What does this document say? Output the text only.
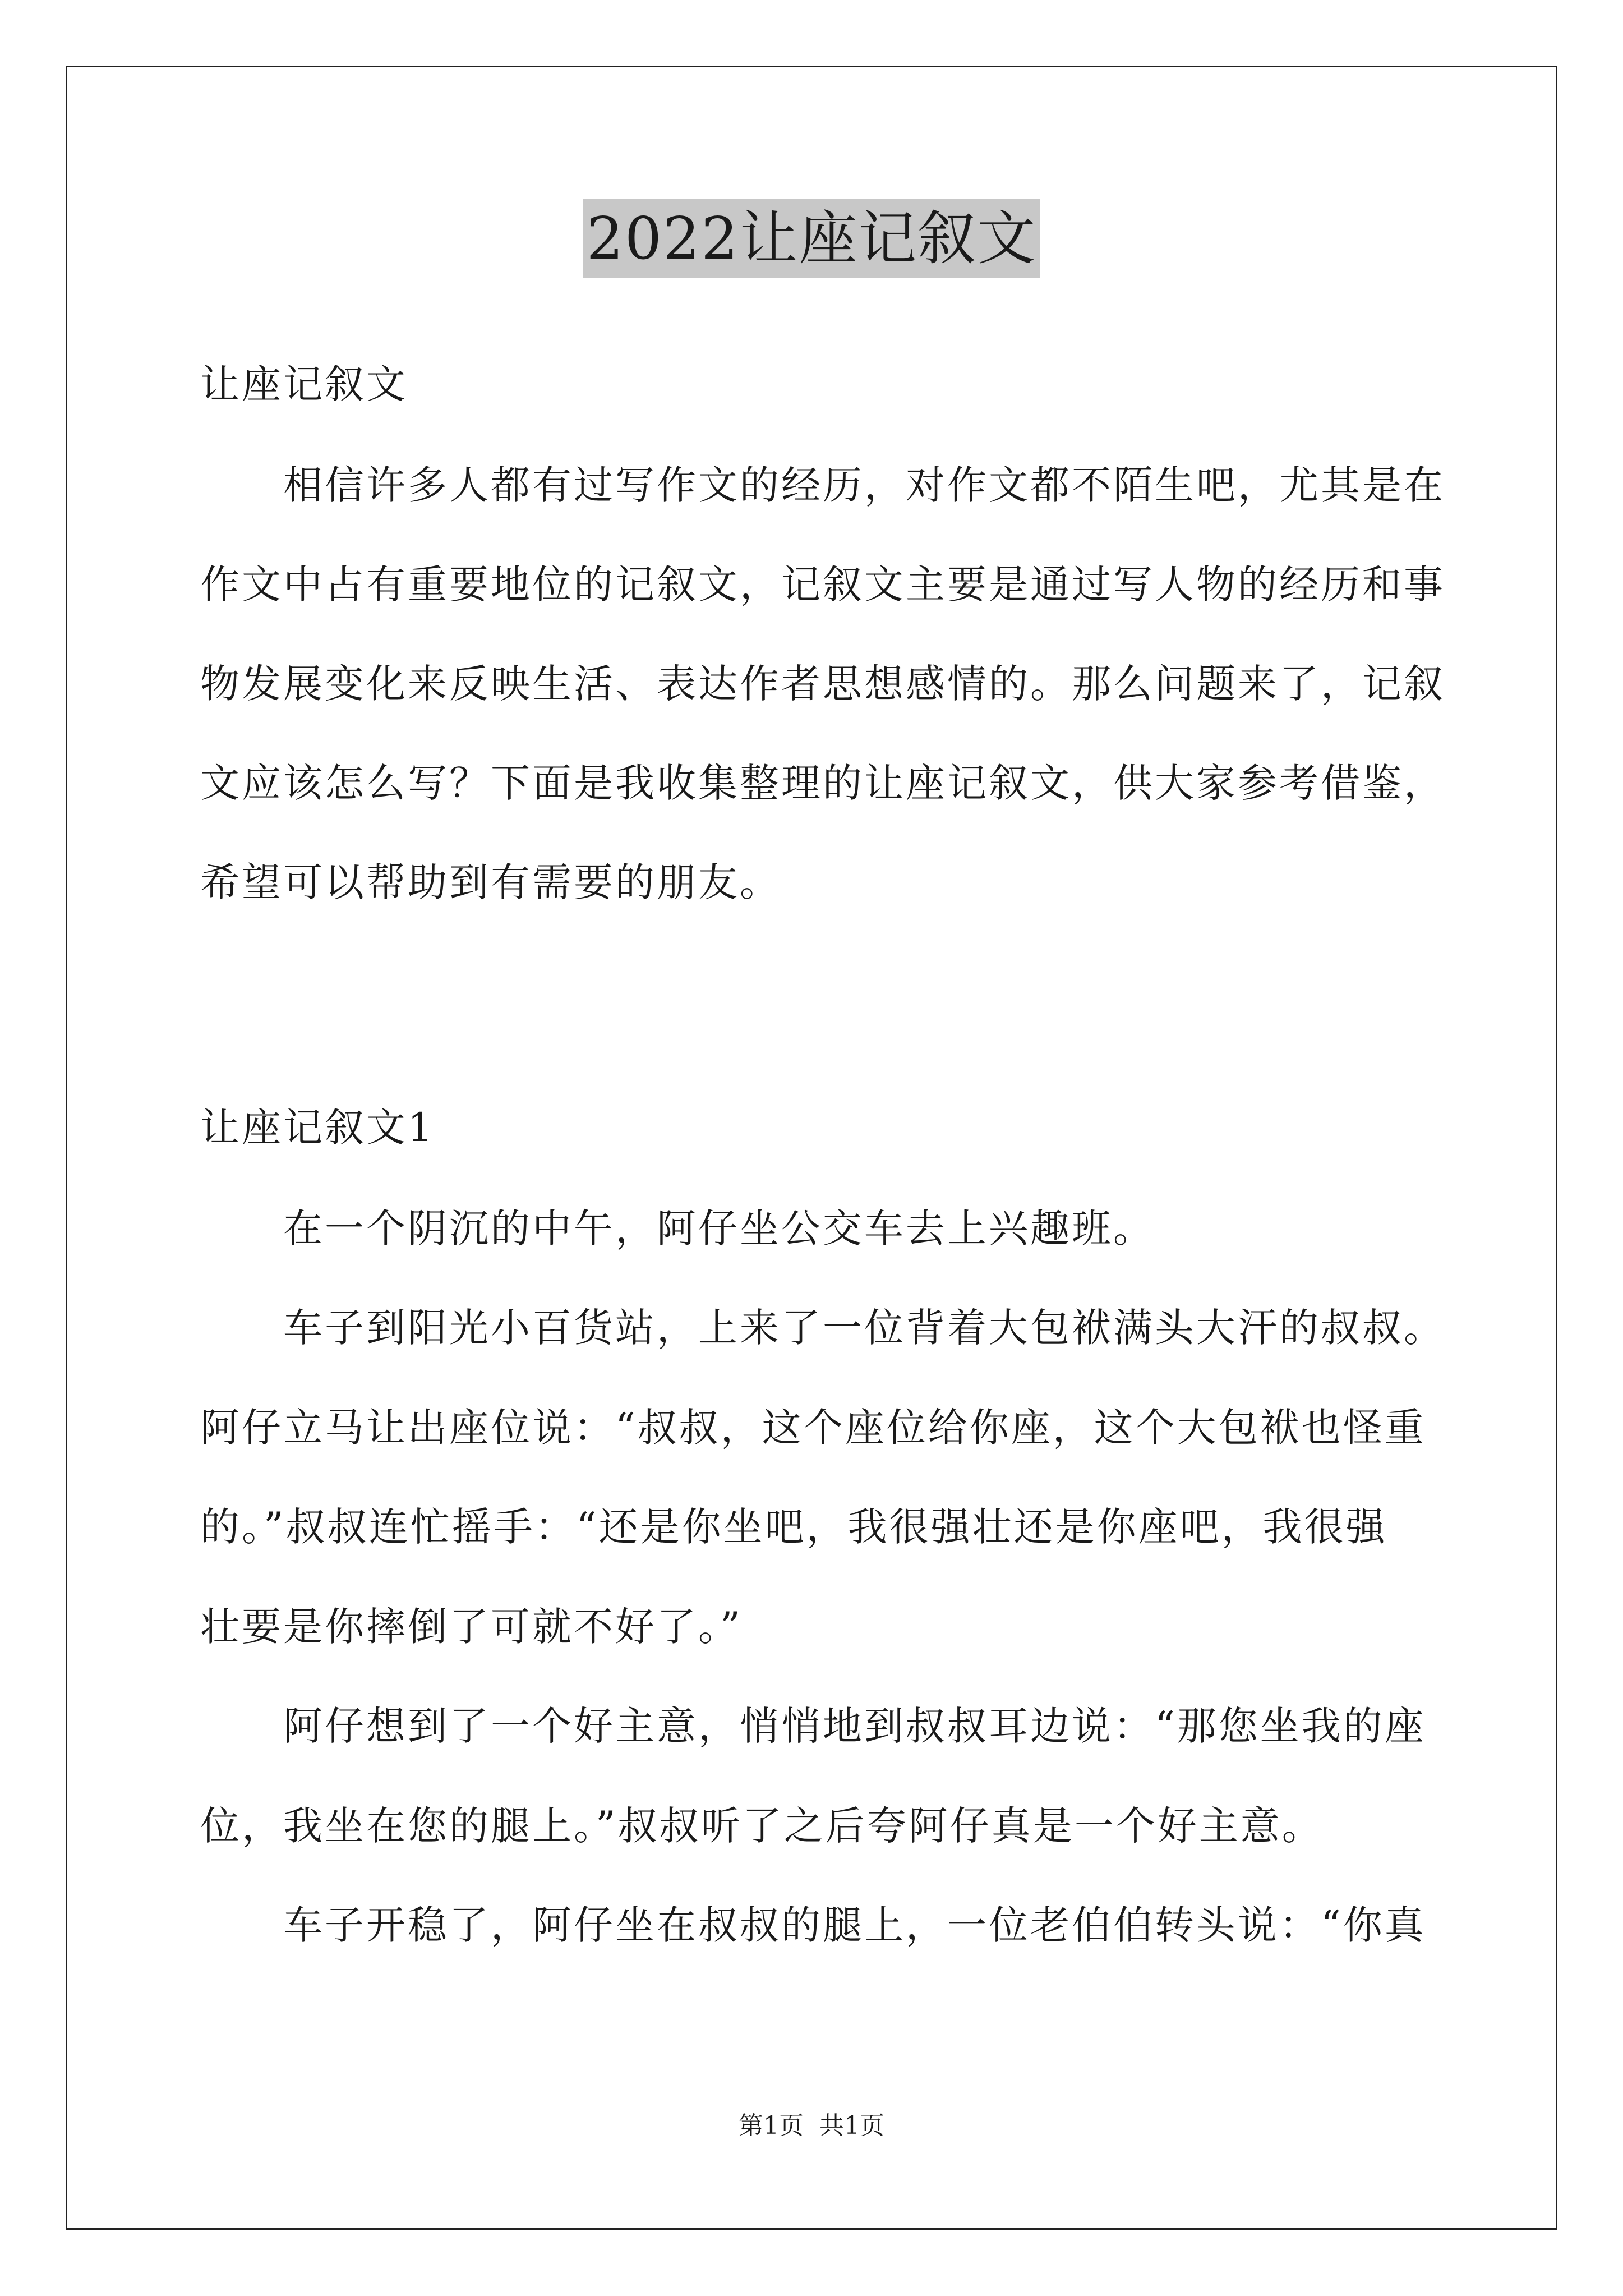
2022让座记叙文
让座记叙文
　　相信许多人都有过写作文的经历，对作文都不陌生吧，尤其是在
作文中占有重要地位的记叙文，记叙文主要是通过写人物的经历和事
物发展变化来反映生活、表达作者思想感情的。那么问题来了，记叙
文应该怎么写？下面是我收集整理的让座记叙文，供大家参考借鉴，
希望可以帮助到有需要的朋友。
让座记叙文1
　　在一个阴沉的中午，阿仔坐公交车去上兴趣班。
　　车子到阳光小百货站，上来了一位背着大包袱满头大汗的叔叔。
阿仔立马让出座位说：“叔叔，这个座位给你座，这个大包袱也怪重
的。”叔叔连忙摇手：“还是你坐吧，我很强壮还是你座吧，我很强
壮要是你摔倒了可就不好了。”
　　阿仔想到了一个好主意，悄悄地到叔叔耳边说：“那您坐我的座
位，我坐在您的腿上。”叔叔听了之后夸阿仔真是一个好主意。
　　车子开稳了，阿仔坐在叔叔的腿上，一位老伯伯转头说：“你真
第1页 共1页
